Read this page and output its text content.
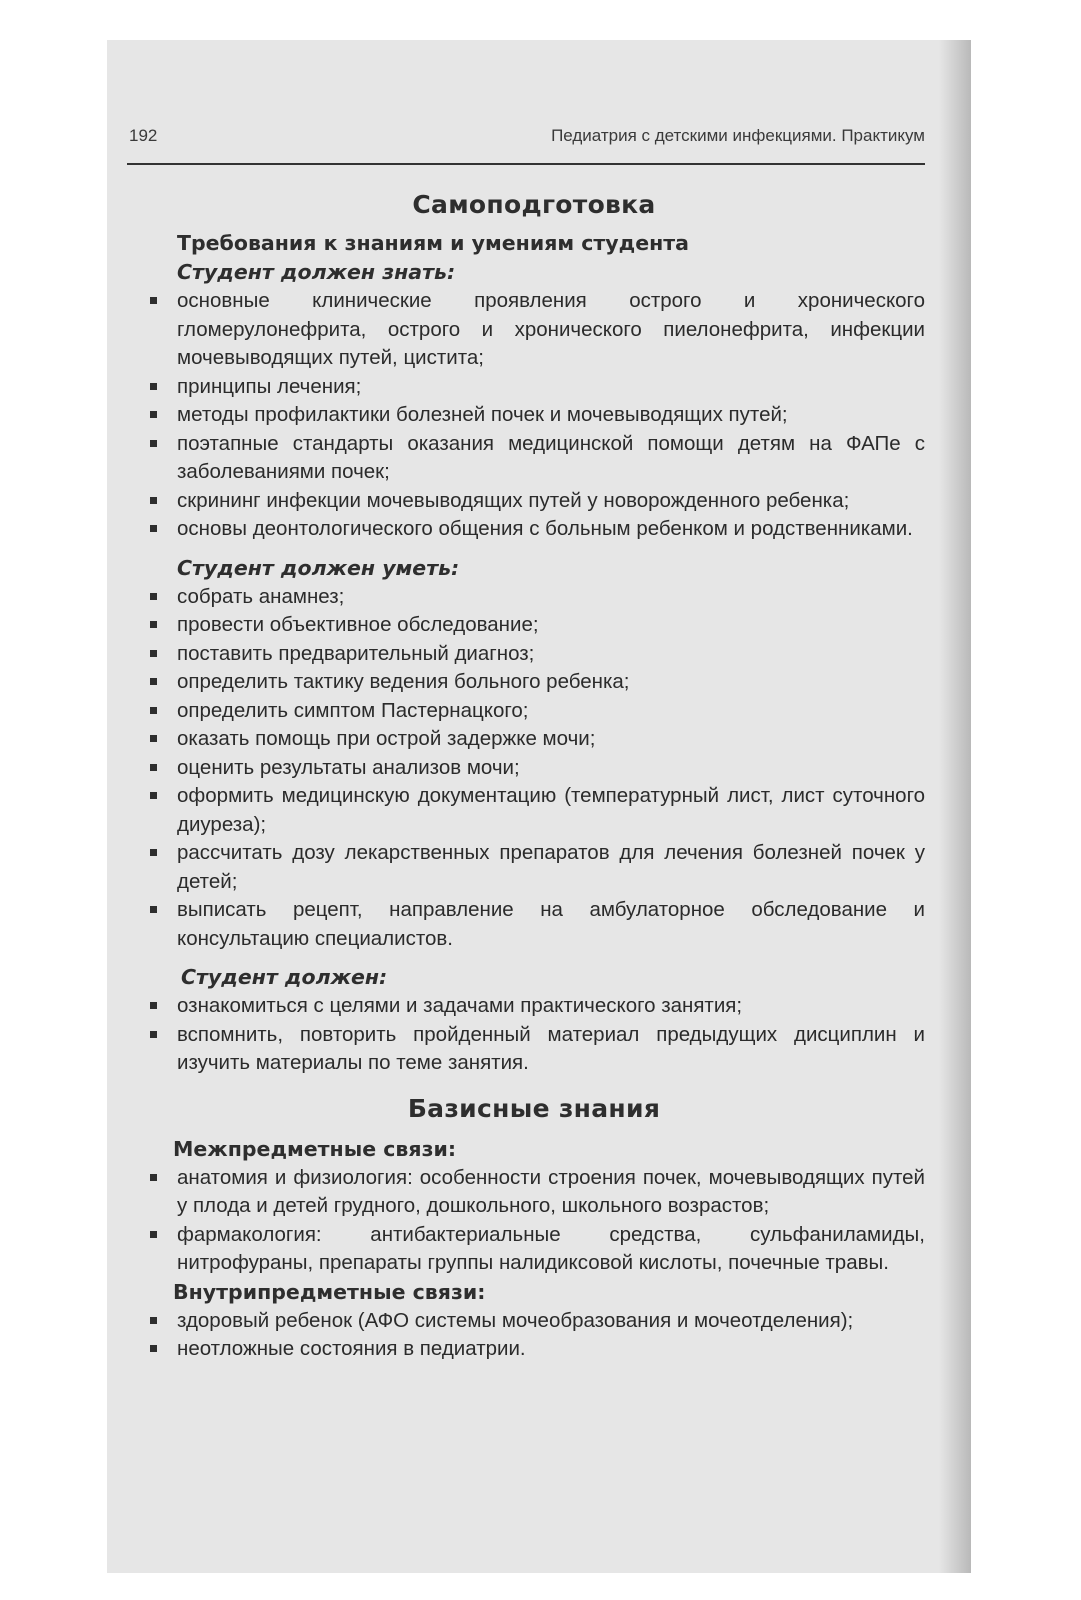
192	Педиатрия с детскими инфекциями. Практикум
Самоподготовка

Требования к знаниям и умениям студента

Студент должен знать:

основные клинические проявления острого и хронического гломерулонефрита, острого и хронического пиелонефрита, инфекции мочевыводящих путей, цистита;
принципы лечения;
методы профилактики болезней почек и мочевыводящих путей;
поэтапные стандарты оказания медицинской помощи детям на ФАПе с заболеваниями почек;
скрининг инфекции мочевыводящих путей у новорожденного ребенка;
основы деонтологического общения с больным ребенком и родственниками.

Студент должен уметь:

собрать анамнез;
провести объективное обследование;
поставить предварительный диагноз;
определить тактику ведения больного ребенка;
определить симптом Пастернацкого;
оказать помощь при острой задержке мочи;
оценить результаты анализов мочи;
оформить медицинскую документацию (температурный лист, лист суточного диуреза);
рассчитать дозу лекарственных препаратов для лечения болезней почек у детей;
выписать рецепт, направление на амбулаторное обследование и консультацию специалистов.

Студент должен:

ознакомиться с целями и задачами практического занятия;
вспомнить, повторить пройденный материал предыдущих дисциплин и изучить материалы по теме занятия.
Базисные знания

Межпредметные связи:

анатомия и физиология: особенности строения почек, мочевыводящих путей у плода и детей грудного, дошкольного, школьного возрастов;
фармакология: антибактериальные средства, сульфаниламиды, нитрофураны, препараты группы налидиксовой кислоты, почечные травы.

Внутрипредметные связи:

здоровый ребенок (АФО системы мочеобразования и мочеотделения);
неотложные состояния в педиатрии.
